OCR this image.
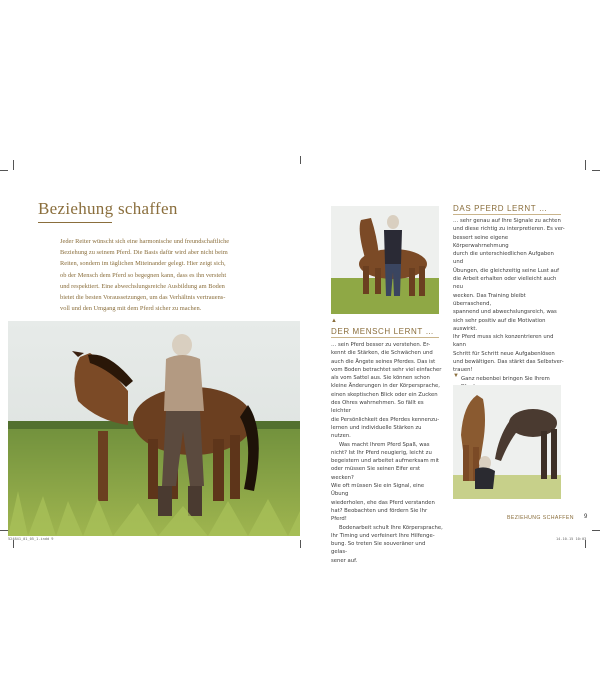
Beziehung schaffen
Jeder Reiter wünscht sich eine harmonische und freundschaftliche
Beziehung zu seinem Pferd. Die Basis dafür wird aber nicht beim
Reiten, sondern im täglichen Miteinander gelegt. Hier zeigt sich,
ob der Mensch dem Pferd so begegnen kann, dass es ihn versteht
und respektiert. Eine abwechslungsreiche Ausbildung am Boden
bietet die besten Voraussetzungen, um das Verhältnis vertrauens-
voll und den Umgang mit dem Pferd sicher zu machen.
524841_01_05_1.indd 9
▲
DER MENSCH LERNT …

… sein Pferd besser zu verstehen. Er-

kennt die Stärken, die Schwächen und

auch die Ängste seines Pferdes. Das ist

vom Boden betrachtet sehr viel einfacher

als vom Sattel aus. Sie können schon

kleine Änderungen in der Körpersprache,

einen skeptischen Blick oder ein Zucken

des Ohres wahrnehmen. So fällt es leichter

die Persönlichkeit des Pferdes kennenzu-

lernen und individuelle Stärken zu nutzen.

Was macht Ihrem Pferd Spaß, was

nicht? Ist Ihr Pferd neugierig, leicht zu

begeistern und arbeitet aufmerksam mit

oder müssen Sie seinen Eifer erst wecken?

Wie oft müssen Sie ein Signal, eine Übung

wiederholen, ehe das Pferd verstanden

hat? Beobachten und fördern Sie Ihr Pferd!

Bodenarbeit schult Ihre Körpersprache,

Ihr Timing und verfeinert Ihre Hilfenge-

bung. So treten Sie souveräner und gelas-

sener auf.

DAS PFERD LERNT …

… sehr genau auf Ihre Signale zu achten

und diese richtig zu interpretieren. Es ver-

bessert seine eigene Körperwahrnehmung

durch die unterschiedlichen Aufgaben und

Übungen, die gleichzeitig seine Lust auf

die Arbeit erhalten oder vielleicht auch neu

wecken. Das Training bleibt überraschend,

spannend und abwechslungsreich, was

sich sehr positiv auf die Motivation auswirkt.

Ihr Pferd muss sich konzentrieren und kann

Schritt für Schritt neue Aufgabenlösen

und bewältigen. Das stärkt das Selbstver-

trauen!

Ganz nebenbei bringen Sie Ihrem

▼
BEZIEHUNG SCHAFFEN 9
14.10.15 10:03
